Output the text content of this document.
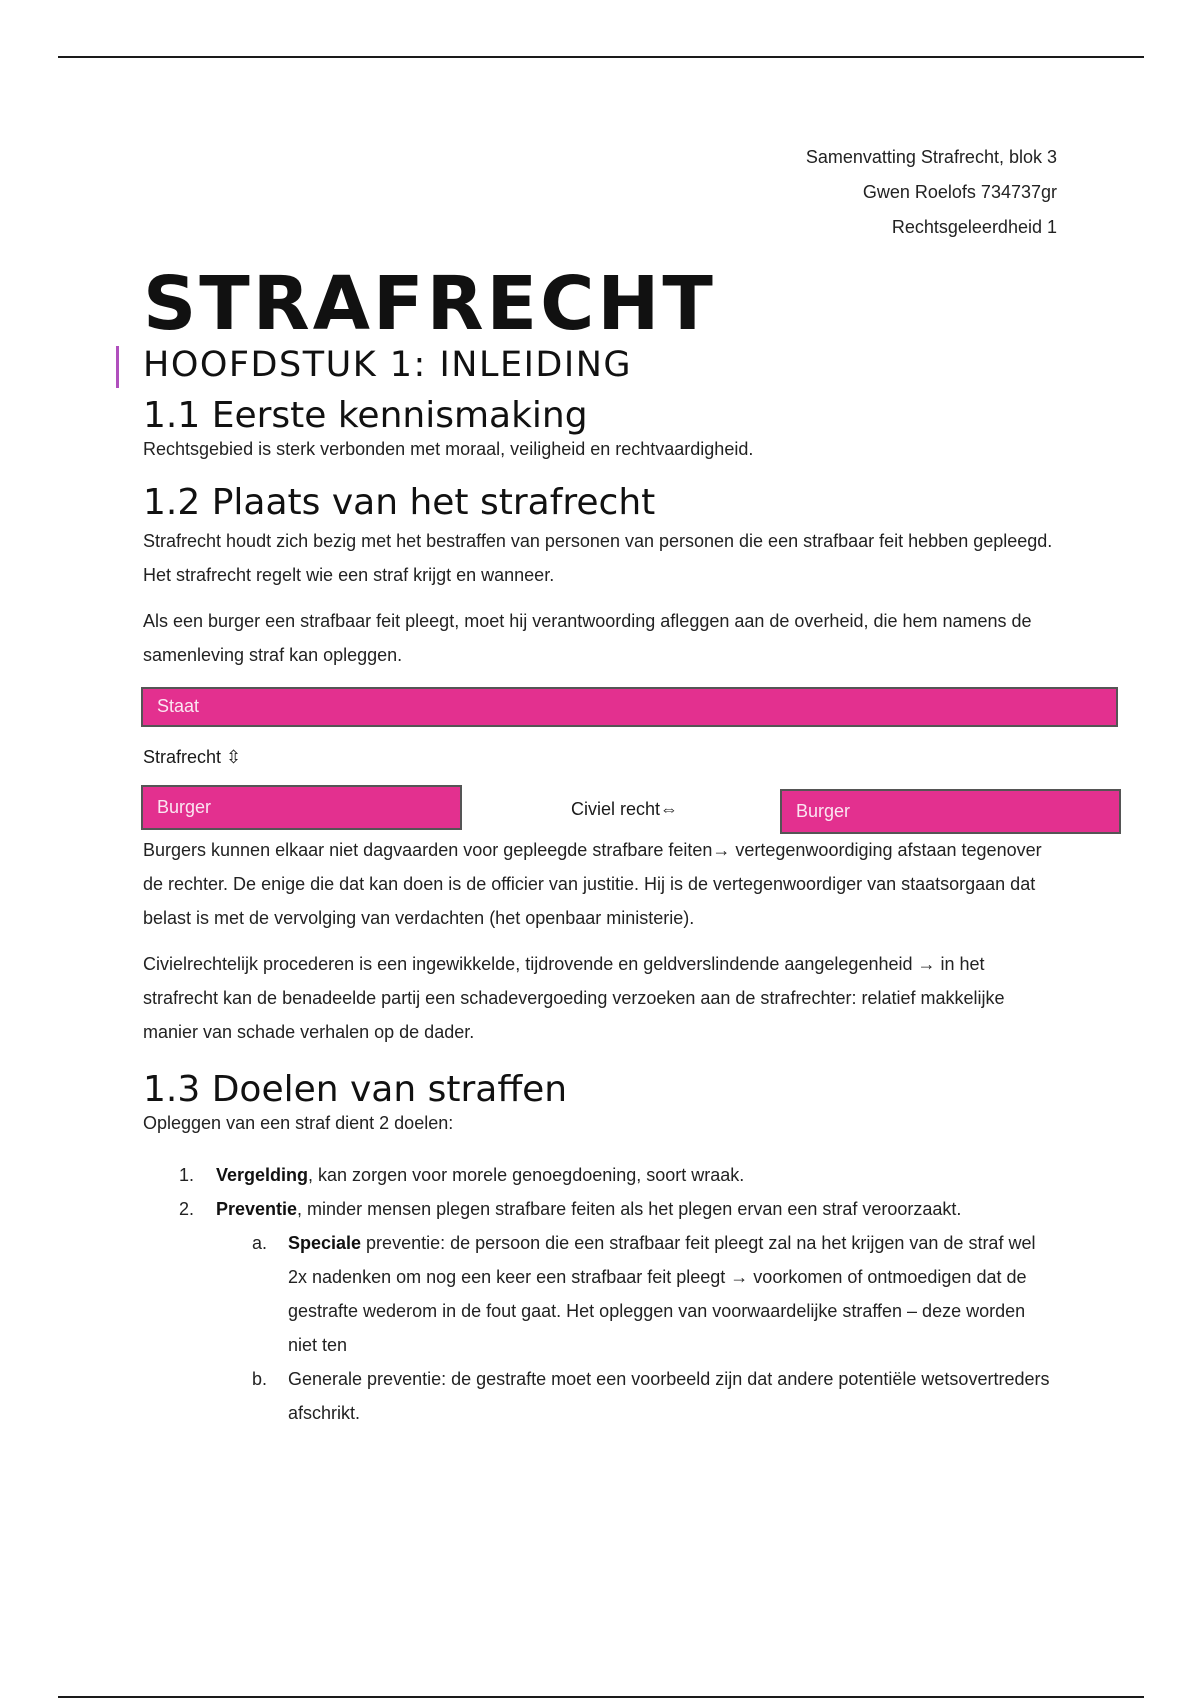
Samenvatting Strafrecht, blok 3
Gwen Roelofs 734737gr
Rechtsgeleerdheid 1
STRAFRECHT
HOOFDSTUK 1: INLEIDING
1.1 Eerste kennismaking

Rechtsgebied is sterk verbonden met moraal, veiligheid en rechtvaardigheid.

1.2 Plaats van het strafrecht

Strafrecht houdt zich bezig met het bestraffen van personen van personen die een strafbaar feit hebben gepleegd. Het strafrecht regelt wie een straf krijgt en wanneer.

Als een burger een strafbaar feit pleegt, moet hij verantwoording afleggen aan de overheid, die hem namens de samenleving straf kan opleggen.

Staat
Strafrecht ⇳
Burger	Civiel recht⇔	Burger

Burgers kunnen elkaar niet dagvaarden voor gepleegde strafbare feiten→ vertegenwoordiging afstaan tegenover de rechter. De enige die dat kan doen is de officier van justitie. Hij is de vertegenwoordiger van staatsorgaan dat belast is met de vervolging van verdachten (het openbaar ministerie).

Civielrechtelijk procederen is een ingewikkelde, tijdrovende en geldverslindende aangelegenheid → in het strafrecht kan de benadeelde partij een schadevergoeding verzoeken aan de strafrechter: relatief makkelijke manier van schade verhalen op de dader.

1.3 Doelen van straffen

Opleggen van een straf dient 2 doelen:

1. Vergelding, kan zorgen voor morele genoegdoening, soort wraak.
2. Preventie, minder mensen plegen strafbare feiten als het plegen ervan een straf veroorzaakt.
a. Speciale preventie: de persoon die een strafbaar feit pleegt zal na het krijgen van de straf wel 2x nadenken om nog een keer een strafbaar feit pleegt → voorkomen of ontmoedigen dat de gestrafte wederom in de fout gaat. Het opleggen van voorwaardelijke straffen – deze worden niet ten
b. Generale preventie: de gestrafte moet een voorbeeld zijn dat andere potentiële wetsovertreders afschrikt.
